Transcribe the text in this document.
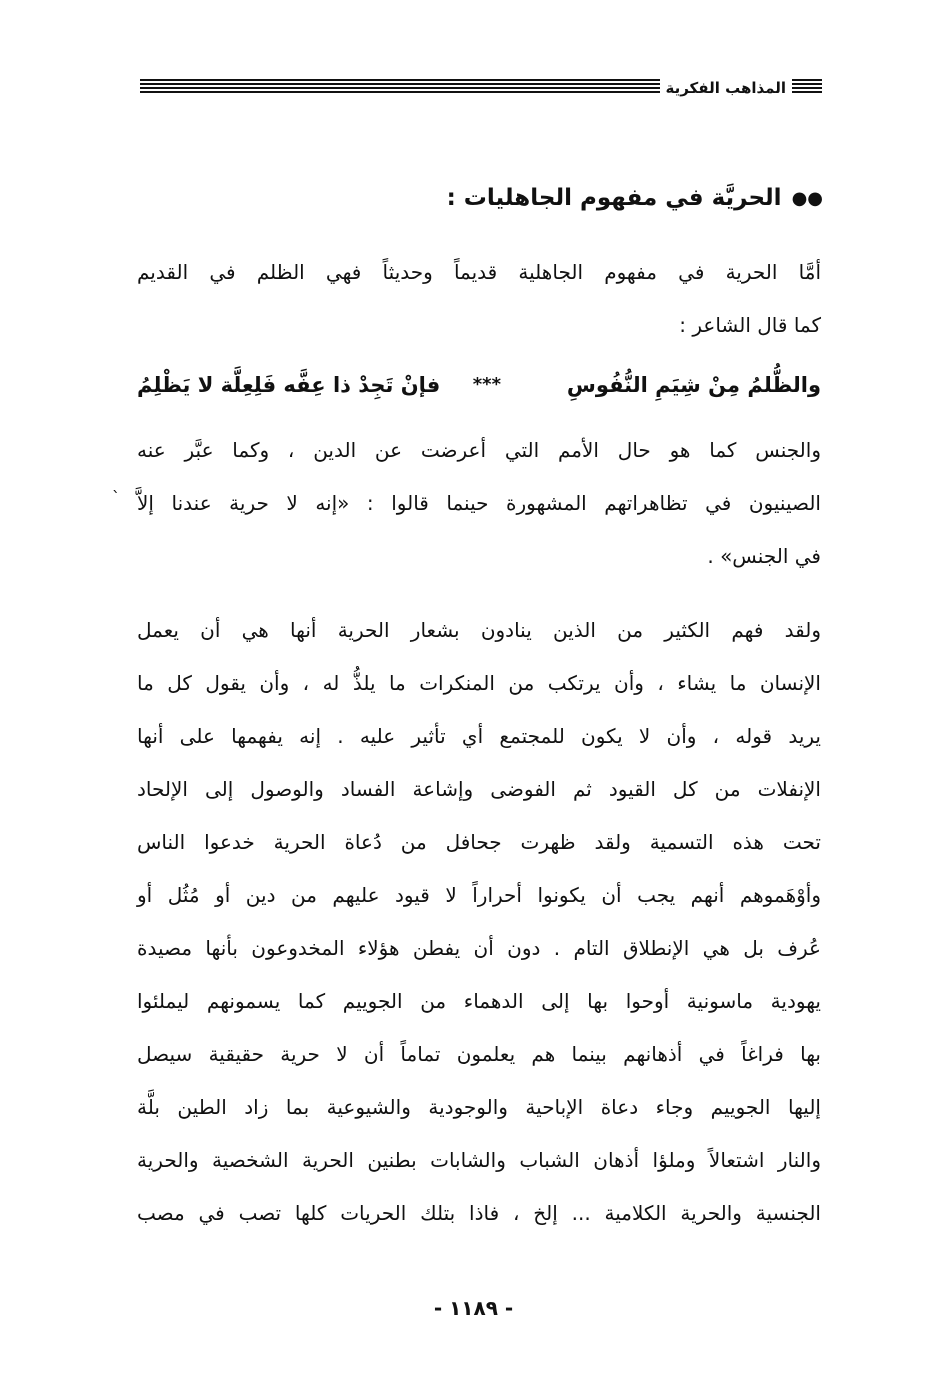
المذاهب الفكرية
●●الحريَّة في مفهوم الجاهليات :
أمَّا الحرية في مفهوم الجاهلية قديماً وحديثاً فهي الظلم في القديم
كما قال الشاعر :
والظُّلمُ مِنْ شِيَمِ النُّفُوسِ
***
فإنْ تَجِدْ ذا عِفَّه فَلِعِلَّة لا يَظْلِمُ
والجنس كما هو حال الأمم التي أعرضت عن الدين ، وكما عبَّر عنه
الصينيون في تظاهراتهم المشهورة حينما قالوا : «إنه لا حرية عندنا إلاَّ
في الجنس» .
`
ولقد فهم الكثير من الذين ينادون بشعار الحرية أنها هي أن يعمل
الإنسان ما يشاء ، وأن يرتكب من المنكرات ما يلذُّ له ، وأن يقول كل ما
يريد قوله ، وأن لا يكون للمجتمع أي تأثير عليه . إنه يفهمها على أنها
الإنفلات من كل القيود ثم الفوضى وإشاعة الفساد والوصول إلى الإلحاد
تحت هذه التسمية ولقد ظهرت جحافل من دُعاة الحرية خدعوا الناس
وأوْهَموهم أنهم يجب أن يكونوا أحراراً لا قيود عليهم من دين أو مُثُل أو
عُرف بل هي الإنطلاق التام . دون أن يفطن هؤلاء المخدوعون بأنها مصيدة
يهودية ماسونية أوحوا بها إلى الدهماء من الجوييم كما يسمونهم ليملئوا
بها فراغاً في أذهانهم بينما هم يعلمون تماماً أن لا حرية حقيقية سيصل
إليها الجوييم وجاء دعاة الإباحية والوجودية والشيوعية بما زاد الطين بلَّة
والنار اشتعالاً وملؤا أذهان الشباب والشابات بطنين الحرية الشخصية والحرية
الجنسية والحرية الكلامية ... إلخ ، فاذا بتلك الحريات كلها تصب في مصب
- ١١٨٩ -
